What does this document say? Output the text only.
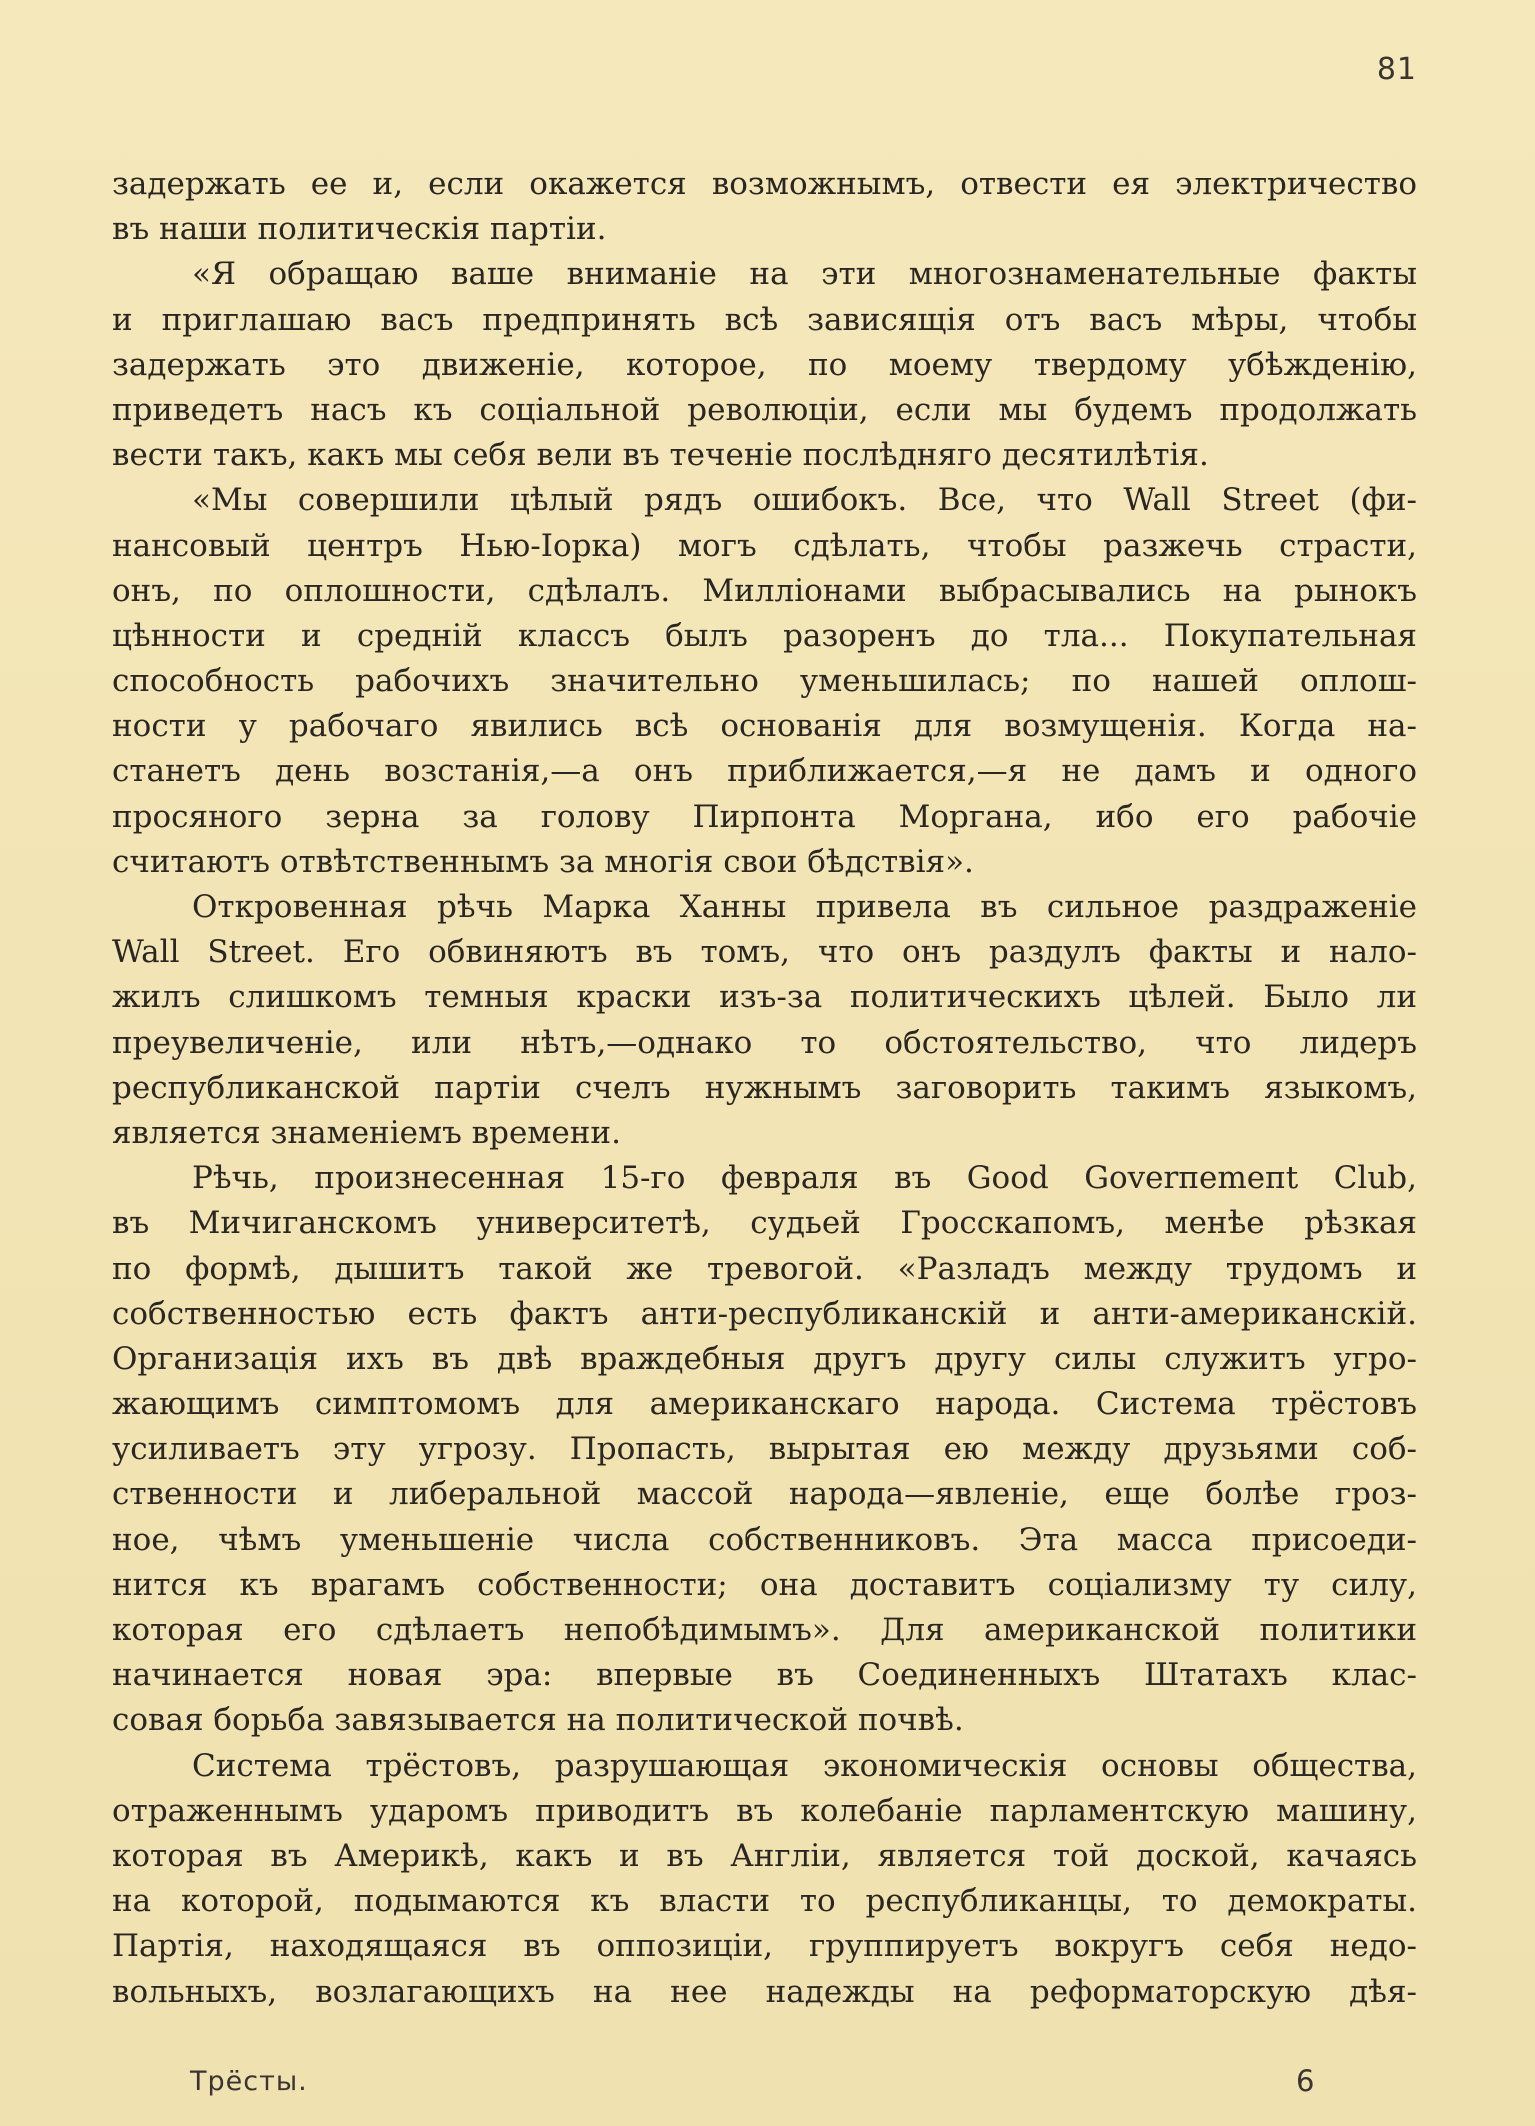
81
задержать ее и, если окажется возможнымъ, отвести ея электричество
въ наши политическія партіи.
«Я обращаю ваше вниманіе на эти многознаменательные факты
и приглашаю васъ предпринять всѣ зависящія отъ васъ мѣры, чтобы
задержать это движеніе, которое, по моему твердому убѣжденію,
приведетъ насъ къ соціальной революціи, если мы будемъ продолжать
вести такъ, какъ мы себя вели въ теченіе послѣдняго десятилѣтія.
«Мы совершили цѣлый рядъ ошибокъ. Все, что Wall Street (фи-
нансовый центръ Нью-Іорка) могъ сдѣлать, чтобы разжечь страсти,
онъ, по оплошности, сдѣлалъ. Милліонами выбрасывались на рынокъ
цѣнности и средній классъ былъ разоренъ до тла... Покупательная
способность рабочихъ значительно уменьшилась; по нашей оплош-
ности у рабочаго явились всѣ основанія для возмущенія. Когда на-
станетъ день возстанія,—а онъ приближается,—я не дамъ и одного
просяного зерна за голову Пирпонта Моргана, ибо его рабочіе
считаютъ отвѣтственнымъ за многія свои бѣдствія».
Откровенная рѣчь Марка Ханны привела въ сильное раздраженіе
Wall Street. Его обвиняютъ въ томъ, что онъ раздулъ факты и нало-
жилъ слишкомъ темныя краски изъ-за политическихъ цѣлей. Было ли
преувеличеніе, или нѣтъ,—однако то обстоятельство, что лидеръ
республиканской партіи счелъ нужнымъ заговорить такимъ языкомъ,
является знаменіемъ времени.
Рѣчь, произнесенная 15-го февраля въ Good Goverпemeпt Club,
въ Мичиганскомъ университетѣ, судьей Гросскапомъ, менѣе рѣзкая
по формѣ, дышитъ такой же тревогой. «Разладъ между трудомъ и
собственностью есть фактъ анти-республиканскій и анти-американскій.
Организація ихъ въ двѣ враждебныя другъ другу силы служитъ угро-
жающимъ симптомомъ для американскаго народа. Система трёстовъ
усиливаетъ эту угрозу. Пропасть, вырытая ею между друзьями соб-
ственности и либеральной массой народа—явленіе, еще болѣе гроз-
ное, чѣмъ уменьшеніе числа собственниковъ. Эта масса присоеди-
нится къ врагамъ собственности; она доставитъ соціализму ту силу,
которая его сдѣлаетъ непобѣдимымъ». Для американской политики
начинается новая эра: впервые въ Соединенныхъ Штатахъ клас-
совая борьба завязывается на политической почвѣ.
Система трёстовъ, разрушающая экономическія основы общества,
отраженнымъ ударомъ приводитъ въ колебаніе парламентскую машину,
которая въ Америкѣ, какъ и въ Англіи, является той доской, качаясь
на которой, подымаются къ власти то республиканцы, то демократы.
Партія, находящаяся въ оппозиціи, группируетъ вокругъ себя недо-
вольныхъ, возлагающихъ на нее надежды на реформаторскую дѣя-
Трёсты.	6
